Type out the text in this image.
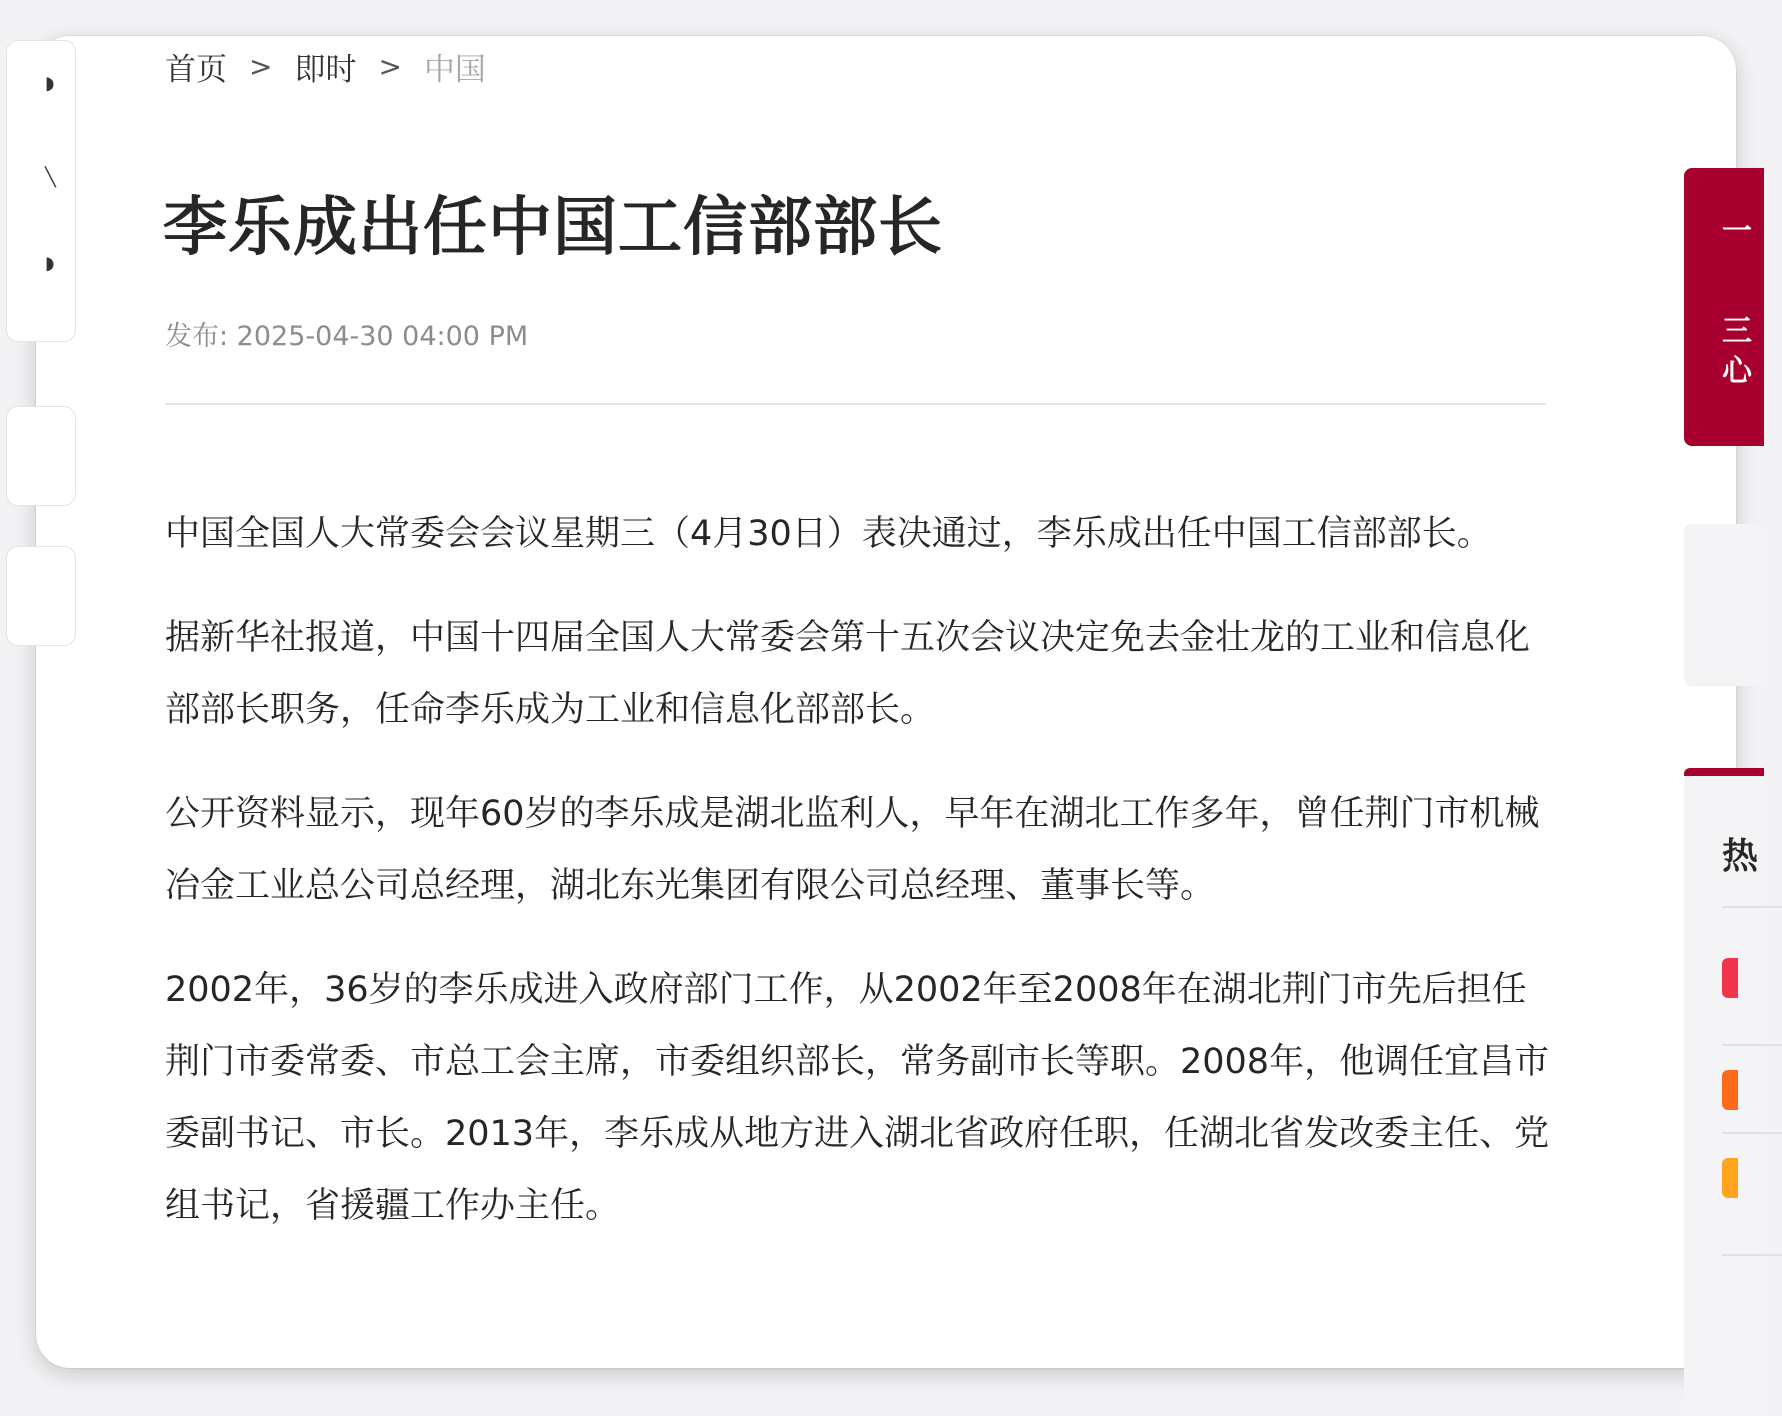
◗
╲
◗
首页 > 即时 > 中国
李乐成出任中国工信部部长
发布: 2025-04-30 04:00 PM

中国全国人大常委会会议星期三（4月30日）表决通过，李乐成出任中国工信部部长。

据新华社报道，中国十四届全国人大常委会第十五次会议决定免去金壮龙的工业和信息化部部长职务，任命李乐成为工业和信息化部部长。

公开资料显示，现年60岁的李乐成是湖北监利人，早年在湖北工作多年，曾任荆门市机械冶金工业总公司总经理，湖北东光集团有限公司总经理、董事长等。

2002年，36岁的李乐成进入政府部门工作，从2002年至2008年在湖北荆门市先后担任荆门市委常委、市总工会主席，市委组织部长，常务副市长等职。2008年，他调任宜昌市委副书记、市长。2013年，李乐成从地方进入湖北省政府任职，任湖北省发改委主任、党组书记，省援疆工作办主任。

一
三
心
热
